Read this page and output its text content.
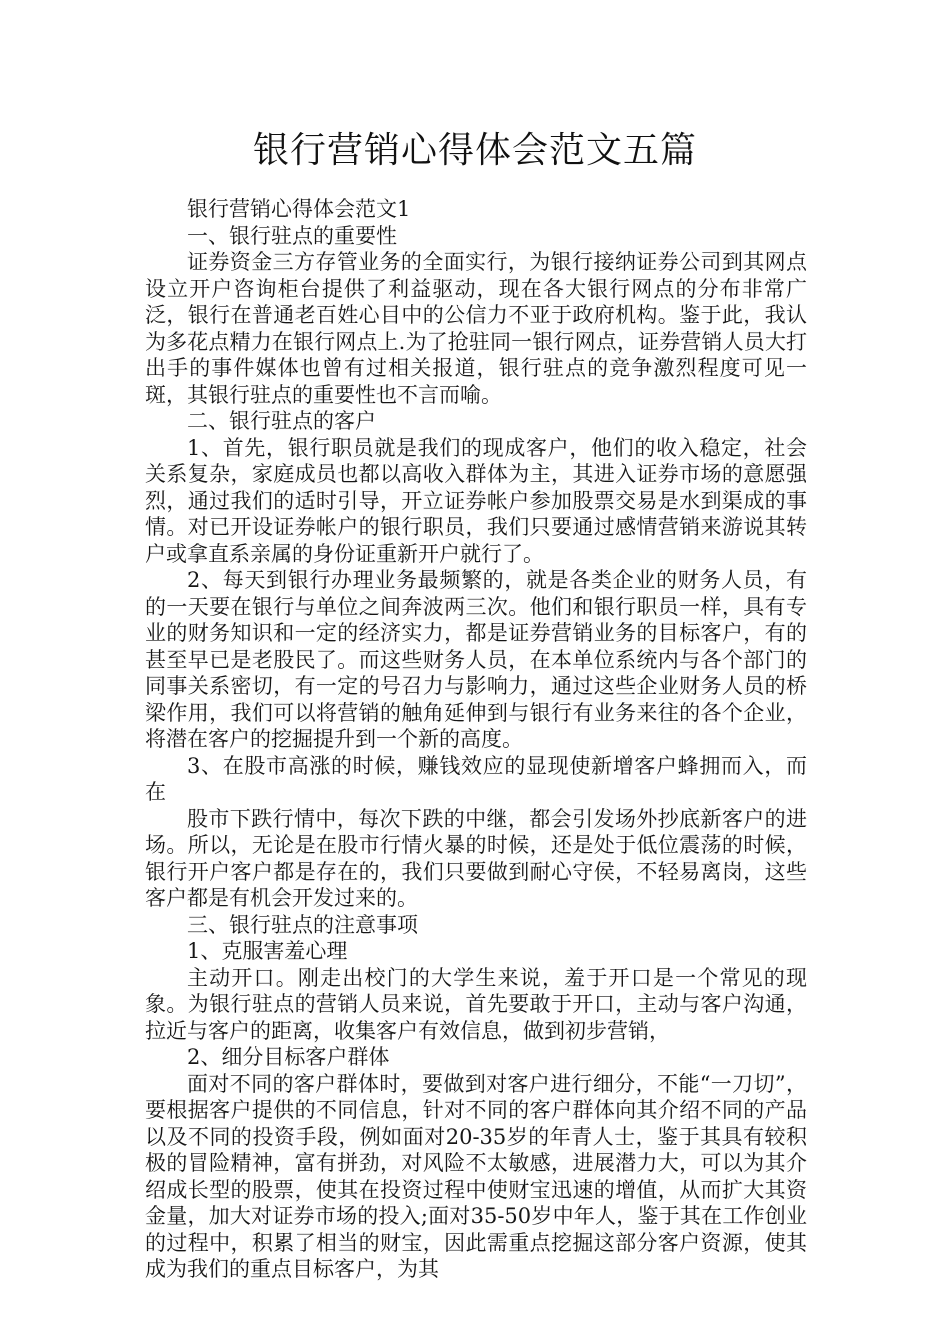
银行营销心得体会范文五篇

银行营销心得体会范文1

一、银行驻点的重要性

证券资金三方存管业务的全面实行，为银行接纳证券公司到其网点设立开户咨询柜台提供了利益驱动，现在各大银行网点的分布非常广泛，银行在普通老百姓心目中的公信力不亚于政府机构。鉴于此，我认为多花点精力在银行网点上.为了抢驻同一银行网点，证券营销人员大打出手的事件媒体也曾有过相关报道，银行驻点的竞争激烈程度可见一斑，其银行驻点的重要性也不言而喻。

二、银行驻点的客户

1、首先，银行职员就是我们的现成客户，他们的收入稳定，社会关系复杂，家庭成员也都以高收入群体为主，其进入证券市场的意愿强烈，通过我们的适时引导，开立证券帐户参加股票交易是水到渠成的事情。对已开设证券帐户的银行职员，我们只要通过感情营销来游说其转户或拿直系亲属的身份证重新开户就行了。

2、每天到银行办理业务最频繁的，就是各类企业的财务人员，有的一天要在银行与单位之间奔波两三次。他们和银行职员一样，具有专业的财务知识和一定的经济实力，都是证券营销业务的目标客户，有的甚至早已是老股民了。而这些财务人员，在本单位系统内与各个部门的同事关系密切，有一定的号召力与影响力，通过这些企业财务人员的桥梁作用，我们可以将营销的触角延伸到与银行有业务来往的各个企业，将潜在客户的挖掘提升到一个新的高度。

3、在股市高涨的时候，赚钱效应的显现使新增客户蜂拥而入，而在

股市下跌行情中，每次下跌的中继，都会引发场外抄底新客户的进场。所以，无论是在股市行情火暴的时候，还是处于低位震荡的时候，银行开户客户都是存在的，我们只要做到耐心守侯，不轻易离岗，这些客户都是有机会开发过来的。

三、银行驻点的注意事项

1、克服害羞心理

主动开口。刚走出校门的大学生来说，羞于开口是一个常见的现象。为银行驻点的营销人员来说，首先要敢于开口，主动与客户沟通，拉近与客户的距离，收集客户有效信息，做到初步营销，

2、细分目标客户群体

面对不同的客户群体时，要做到对客户进行细分，不能“一刀切”，要根据客户提供的不同信息，针对不同的客户群体向其介绍不同的产品以及不同的投资手段，例如面对20-35岁的年青人士，鉴于其具有较积极的冒险精神，富有拼劲，对风险不太敏感，进展潜力大，可以为其介绍成长型的股票，使其在投资过程中使财宝迅速的增值，从而扩大其资金量，加大对证券市场的投入;面对35-50岁中年人，鉴于其在工作创业的过程中，积累了相当的财宝，因此需重点挖掘这部分客户资源，使其成为我们的重点目标客户，为其
